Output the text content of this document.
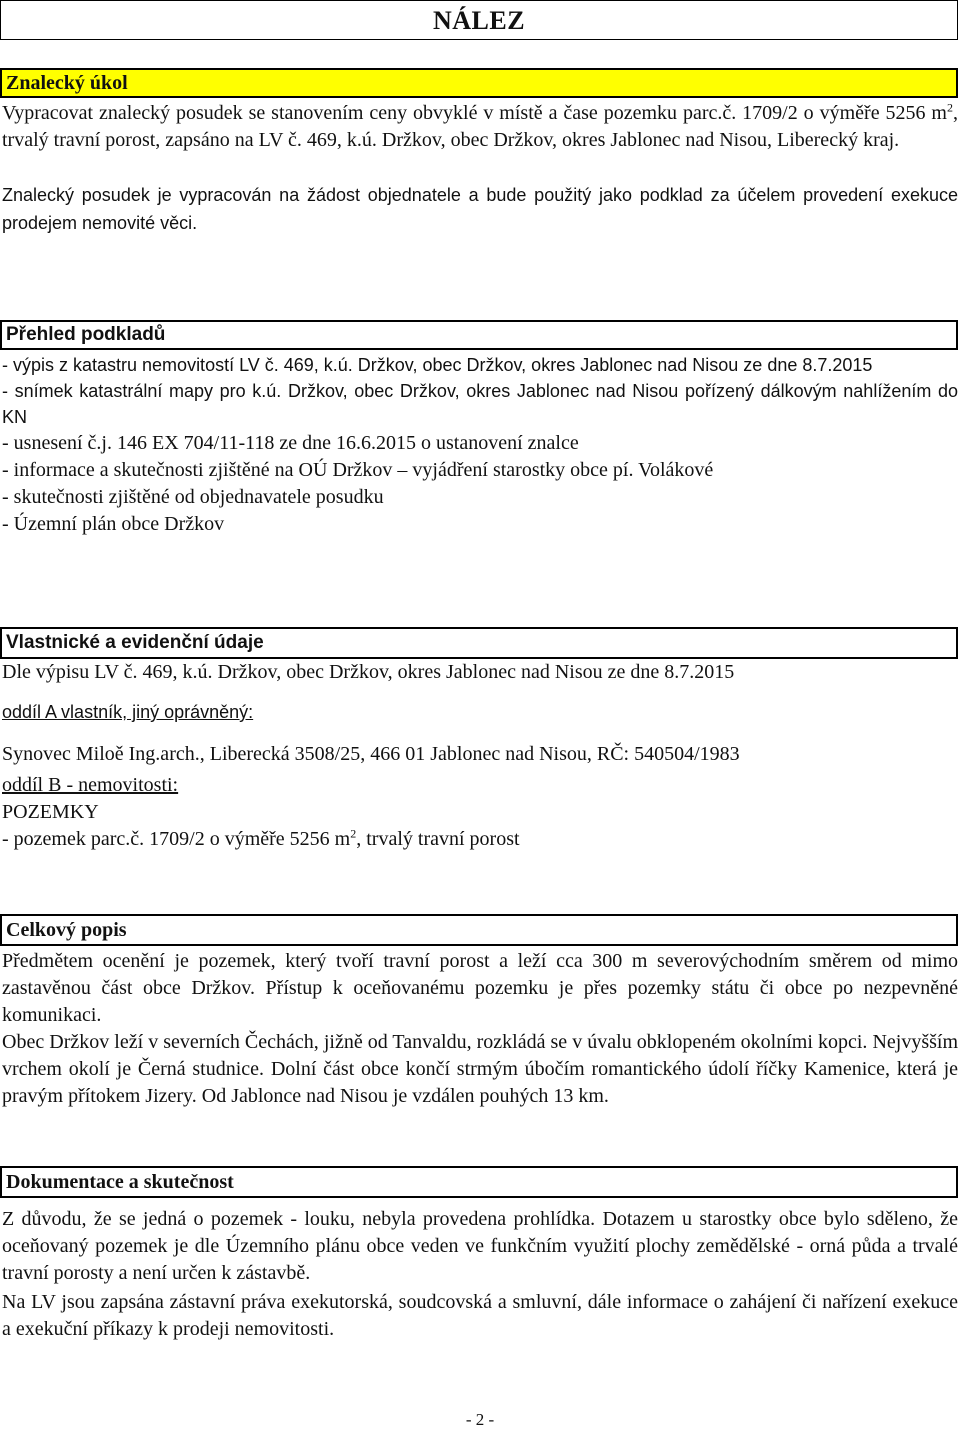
NÁLEZ
Znalecký úkol

Vypracovat znalecký posudek se stanovením ceny obvyklé v místě a čase pozemku parc.č. 1709/2 o výměře 5256 $m^2$, trvalý travní porost, zapsáno na LV č. 469, k.ú. Držkov, obec Držkov, okres Jablonec nad Nisou, Liberecký kraj.

Znalecký posudek je vypracován na žádost objednatele a bude použitý jako podklad za účelem provedení exekuce prodejem nemovité věci.

Přehled podkladů

- výpis z katastru nemovitostí LV č. 469, k.ú. Držkov, obec Držkov, okres Jablonec nad Nisou ze dne 8.7.2015

- snímek katastrální mapy pro k.ú. Držkov, obec Držkov, okres Jablonec nad Nisou pořízený dálkovým nahlížením do KN

- usnesení č.j. 146 EX 704/11-118 ze dne 16.6.2015 o ustanovení znalce

- informace a skutečnosti zjištěné na OÚ Držkov – vyjádření starostky obce pí. Volákové

- skutečnosti zjištěné od objednavatele posudku

- Územní plán obce Držkov

Vlastnické a evidenční údaje
Dle výpisu LV č. 469, k.ú. Držkov, obec Držkov, okres Jablonec nad Nisou ze dne 8.7.2015
oddíl A vlastník, jiný oprávněný:
Synovec Miloě Ing.arch., Liberecká 3508/25, 466 01 Jablonec nad Nisou, RČ: 540504/1983
oddíl B - nemovitosti:
POZEMKY
- pozemek parc.č. 1709/2 o výměře 5256 $m^2$, trvalý travní porost
Celkový popis

Předmětem ocenění je pozemek, který tvoří travní porost a leží cca 300 m severovýchodním směrem od mimo zastavěnou část obce Držkov. Přístup k oceňovanému pozemku je přes pozemky státu či obce po nezpevněné komunikaci.

Obec Držkov leží v severních Čechách, jižně od Tanvaldu, rozkládá se v úvalu obklopeném okolními kopci. Nejvyšším vrchem okolí je Černá studnice. Dolní část obce končí strmým úbočím romantického údolí říčky Kamenice, která je pravým přítokem Jizery. Od Jablonce nad Nisou je vzdálen pouhých 13 km.

Dokumentace a skutečnost

Z důvodu, že se jedná o pozemek - louku, nebyla provedena prohlídka. Dotazem u starostky obce bylo sděleno, že oceňovaný pozemek je dle Územního plánu obce veden ve funkčním využití plochy zemědělské - orná půda a trvalé travní porosty a není určen k zástavbě.

Na LV jsou zapsána zástavní práva exekutorská, soudcovská a smluvní, dále informace o zahájení či nařízení exekuce a exekuční příkazy k prodeji nemovitosti.

- 2 -
